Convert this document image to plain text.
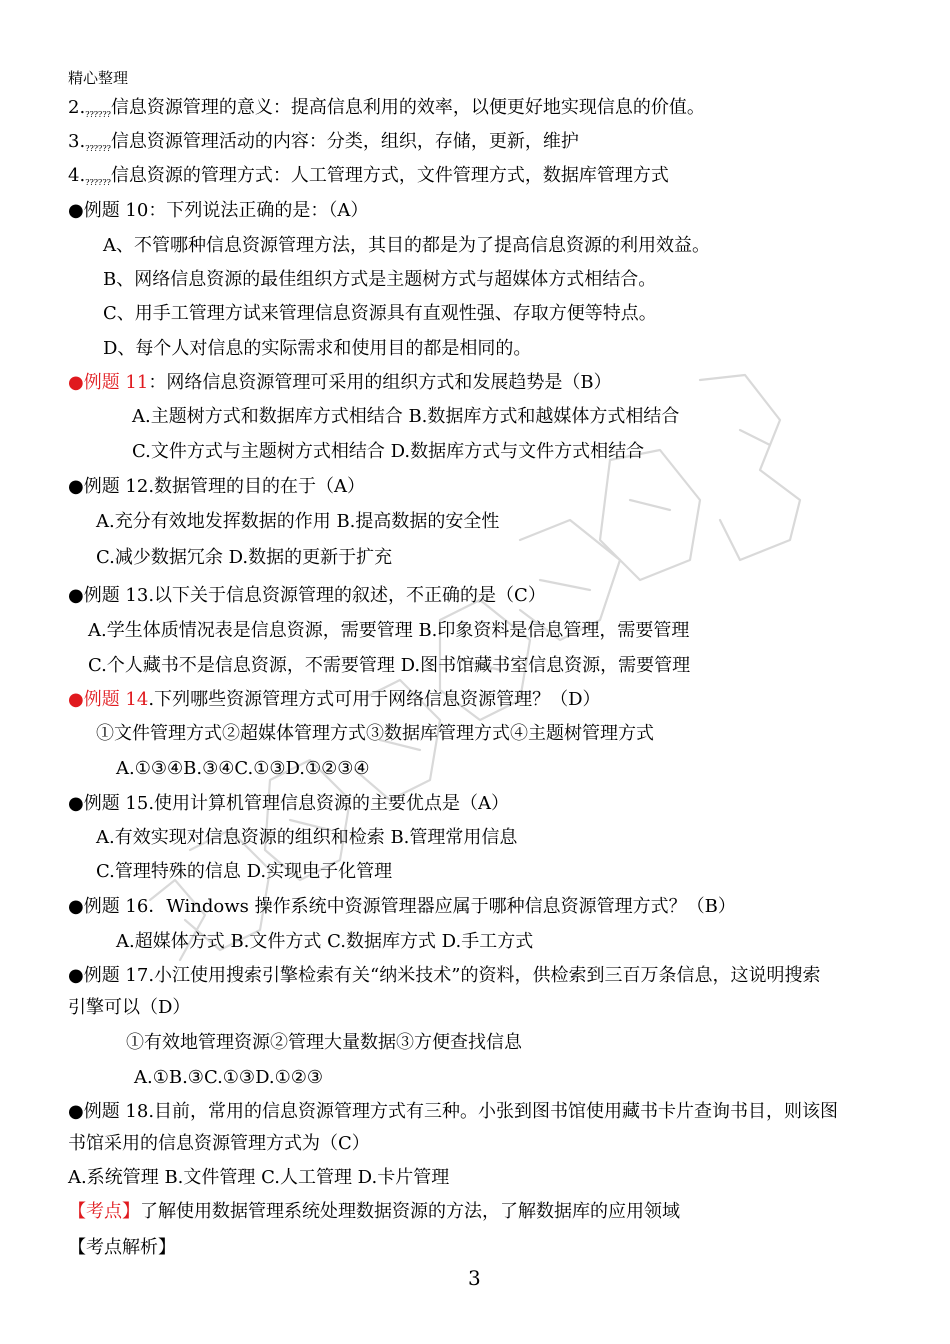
精心整理
$2._{??????}$信息资源管理的意义：提高信息利用的效率，以便更好地实现信息的价值。
$3._{??????}$信息资源管理活动的内容：分类，组织，存储，更新，维护
$4._{??????}$信息资源的管理方式：人工管理方式，文件管理方式，数据库管理方式
●例题 10：下列说法正确的是：（A）
A、不管哪种信息资源管理方法，其目的都是为了提高信息资源的利用效益。
B、网络信息资源的最佳组织方式是主题树方式与超媒体方式相结合。
C、用手工管理方试来管理信息资源具有直观性强、存取方便等特点。
D、每个人对信息的实际需求和使用目的都是相同的。
●例题 11：网络信息资源管理可采用的组织方式和发展趋势是（B）
A.主题树方式和数据库方式相结合 B.数据库方式和越媒体方式相结合
C.文件方式与主题树方式相结合 D.数据库方式与文件方式相结合
●例题 12.数据管理的目的在于（A）
A.充分有效地发挥数据的作用 B.提高数据的安全性
C.减少数据冗余 D.数据的更新于扩充
●例题 13.以下关于信息资源管理的叙述，不正确的是（C）
A.学生体质情况表是信息资源，需要管理 B.印象资料是信息管理，需要管理
C.个人藏书不是信息资源，不需要管理 D.图书馆藏书室信息资源，需要管理
●例题 14.下列哪些资源管理方式可用于网络信息资源管理？（D）
①文件管理方式②超媒体管理方式③数据库管理方式④主题树管理方式
A.①③④B.③④C.①③D.①②③④
●例题 15.使用计算机管理信息资源的主要优点是（A）
A.有效实现对信息资源的组织和检索 B.管理常用信息
C.管理特殊的信息 D.实现电子化管理
●例题 16．Windows 操作系统中资源管理器应属于哪种信息资源管理方式？（B）
A.超媒体方式 B.文件方式 C.数据库方式 D.手工方式
●例题 17.小江使用搜索引擎检索有关“纳米技术”的资料，供检索到三百万条信息，这说明搜索
引擎可以（D）
①有效地管理资源②管理大量数据③方便查找信息
A.①B.③C.①③D.①②③
●例题 18.目前，常用的信息资源管理方式有三种。小张到图书馆使用藏书卡片查询书目，则该图
书馆采用的信息资源管理方式为（C）
A.系统管理 B.文件管理 C.人工管理 D.卡片管理
【考点】了解使用数据管理系统处理数据资源的方法，了解数据库的应用领域
【考点解析】
3
